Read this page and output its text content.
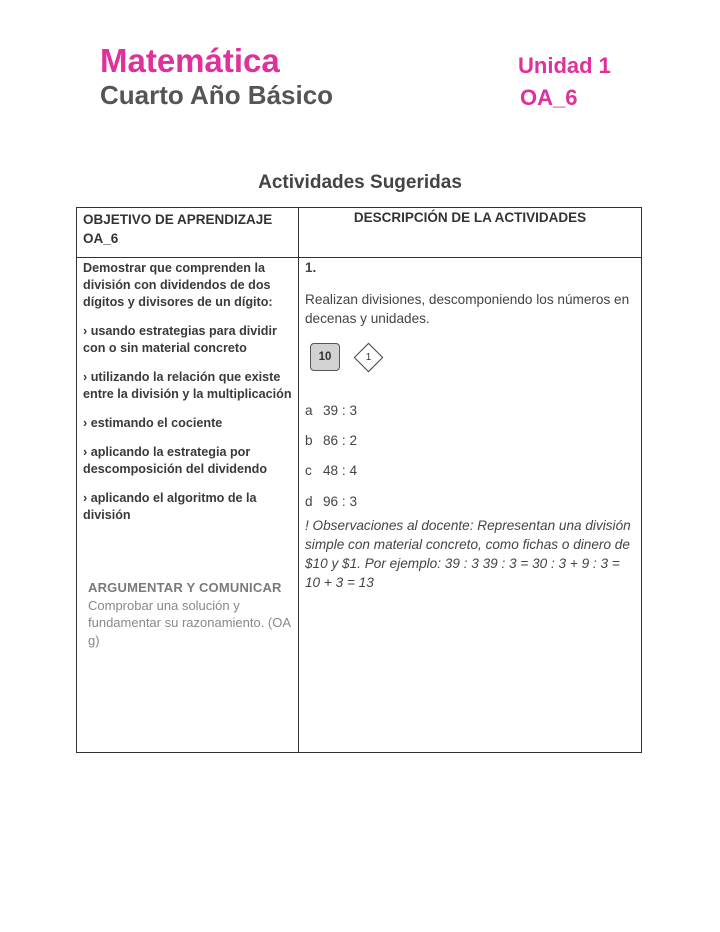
Matemática
Cuarto Año Básico
Unidad 1
OA_6
Actividades Sugeridas
OBJETIVO DE APRENDIZAJE
OA_6
DESCRIPCIÓN DE LA ACTIVIDADES
Demostrar que comprenden la división con dividendos de dos dígitos y divisores de un dígito:
› usando estrategias para dividir con o sin material concreto
› utilizando la relación que existe entre la división y la multiplicación
› estimando el cociente
› aplicando la estrategia por descomposición del dividendo
› aplicando el algoritmo de la división
ARGUMENTAR Y COMUNICAR
Comprobar una solución y fundamentar su razonamiento. (OA g)
1.
Realizan divisiones, descomponiendo los números en decenas y unidades.
10	1
a 39 : 3
b 86 : 2
c 48 : 4
d 96 : 3
! Observaciones al docente: Representan una división simple con material concreto, como fichas o dinero de $10 y $1. Por ejemplo: 39 : 3 39 : 3 = 30 : 3 + 9 : 3 = 10 + 3 = 13
